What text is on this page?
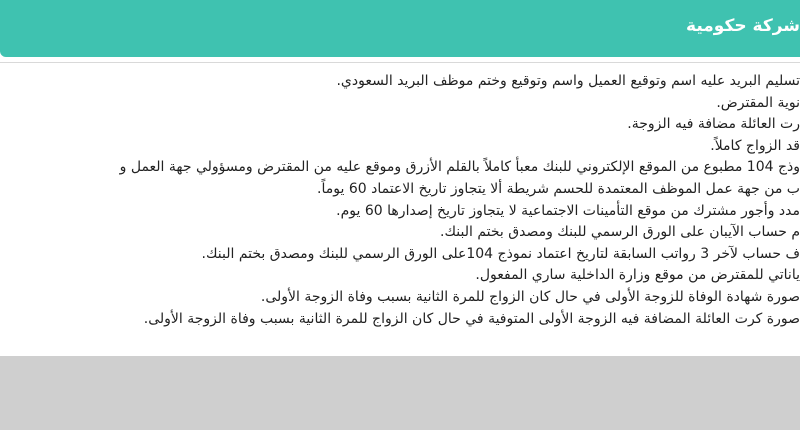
شركة حكومية
تسليم البريد عليه اسم وتوقيع العميل واسم وتوقيع وختم موظف البريد السعودي.
نوية المقترض.
رت العائلة مضافة فيه الزوجة.
قد الزواج كاملاً.
وذج 104 مطبوع من الموقع الإلكتروني للبنك معبأ كاملاً بالقلم الأزرق وموقع عليه من المقترض ومسؤولي جهة العمل و
ب من جهة عمل الموظف المعتمدة للحسم شريطة ألا يتجاوز تاريخ الاعتماد 60 يوماً.
مدد وأجور مشترك من موقع التأمينات الاجتماعية لا يتجاوز تاريخ إصدارها 60 يوم.
م حساب الآيبان على الورق الرسمي للبنك ومصدق بختم البنك.
ف حساب لآخر 3 رواتب السابقة لتاريخ اعتماد نموذج 104على الورق الرسمي للبنك ومصدق بختم البنك.
ياناتي للمقترض من موقع وزارة الداخلية ساري المفعول.
صورة شهادة الوفاة للزوجة الأولى في حال كان الزواج للمرة الثانية بسبب وفاة الزوجة الأولى.
صورة كرت العائلة المضافة فيه الزوجة الأولى المتوفية في حال كان الزواج للمرة الثانية بسبب وفاة الزوجة الأولى.
